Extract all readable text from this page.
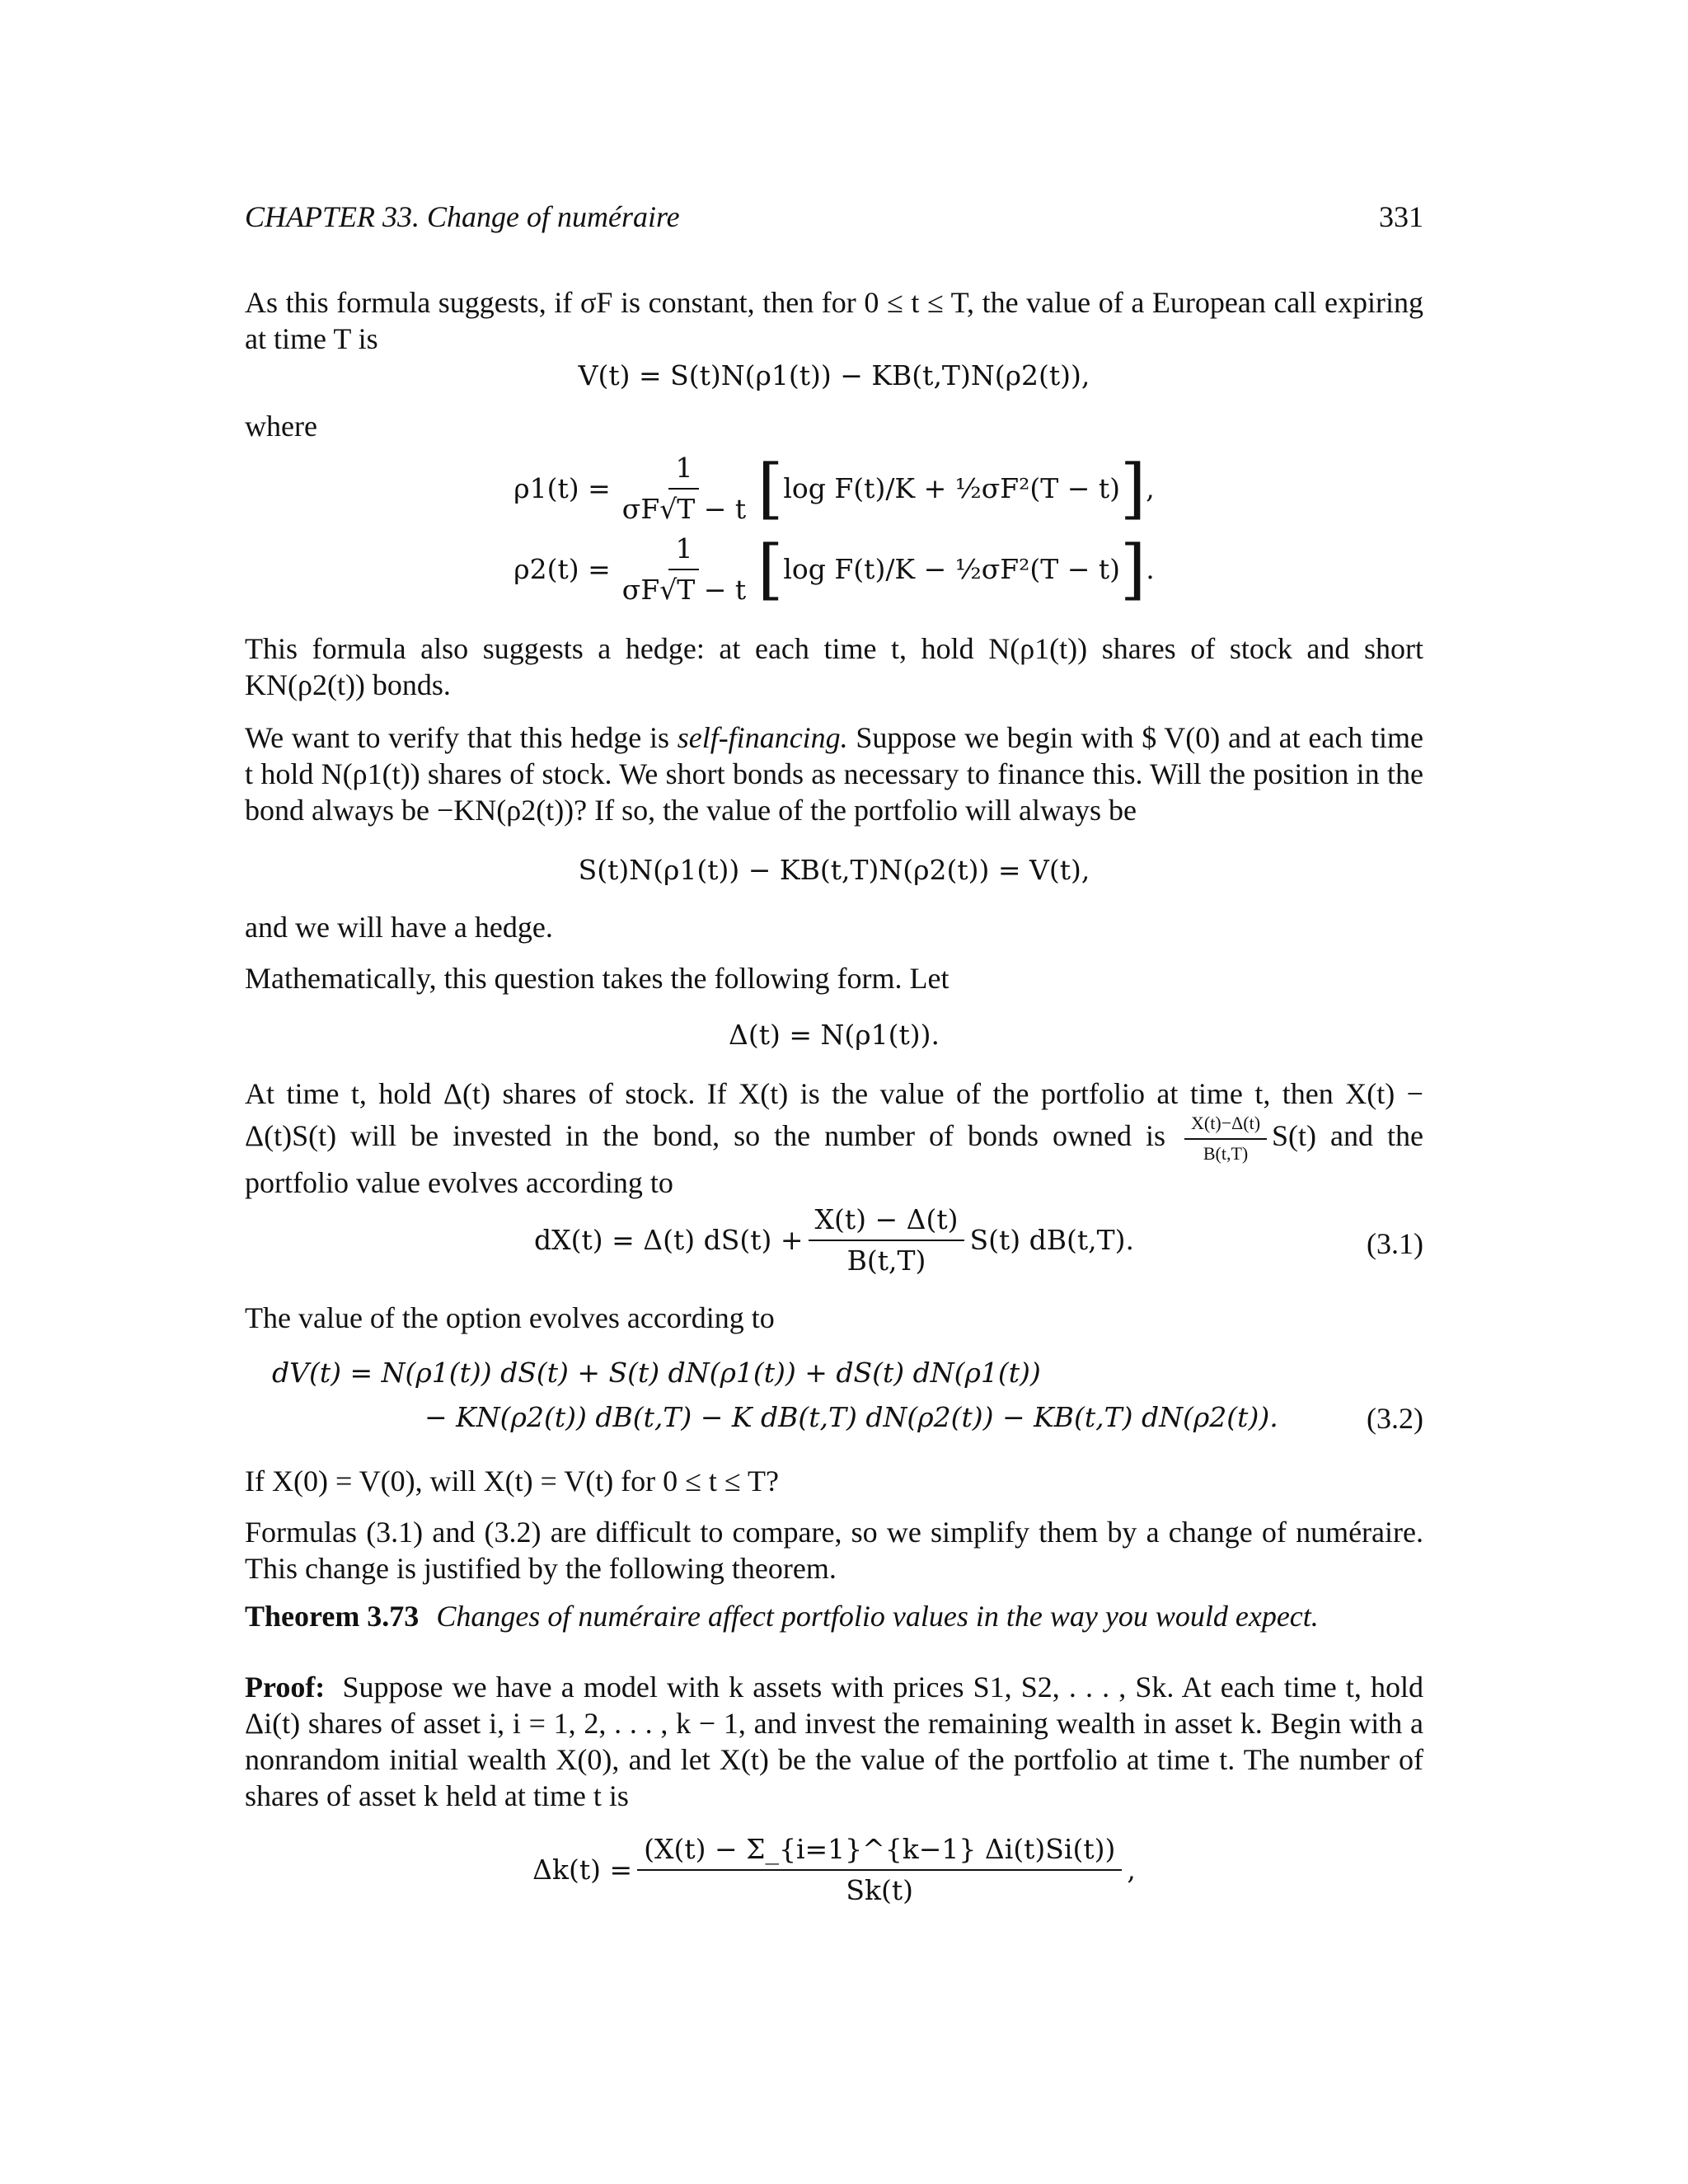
CHAPTER 33. Change of numéraire	331
As this formula suggests, if σF is constant, then for 0 ≤ t ≤ T, the value of a European call expiring at time T is
V(t) = S(t)N(ρ1(t)) − KB(t,T)N(ρ2(t)),
where
$\rho 1(t) = \frac{1}{\sigma F√T - t}$ [ log F(t)/K + ½σF²(T − t) ] ,
$\rho 2(t) = \frac{1}{\sigma F√T - t}$ [ log F(t)/K − ½σF²(T − t) ] .
This formula also suggests a hedge: at each time t, hold N(ρ1(t)) shares of stock and short KN(ρ2(t)) bonds.
We want to verify that this hedge is self-financing. Suppose we begin with $ V(0) and at each time t hold N(ρ1(t)) shares of stock. We short bonds as necessary to finance this. Will the position in the bond always be −KN(ρ2(t))? If so, the value of the portfolio will always be
S(t)N(ρ1(t)) − KB(t,T)N(ρ2(t)) = V(t),
and we will have a hedge.
Mathematically, this question takes the following form. Let
Δ(t) = N(ρ1(t)).
At time t, hold Δ(t) shares of stock. If X(t) is the value of the portfolio at time t, then X(t) − Δ(t)S(t) will be invested in the bond, so the number of bonds owned is $\frac{X(t)-\Delta(t)}{B(t,T)} S(t)$ and the portfolio value evolves according to
dX(t) = Δ(t) $dS(t) + \frac{X(t) - \Delta(t)}{B(t,T)} S(t)$ dB(t,T).	(3.1)
The value of the option evolves according to
dV(t) = N(ρ1(t)) dS(t) + S(t) dN(ρ1(t)) + dS(t) dN(ρ1(t))
− KN(ρ2(t)) dB(t,T) − K dB(t,T) dN(ρ2(t)) − KB(t,T) dN(ρ2(t)).	(3.2)
If X(0) = V(0), will X(t) = V(t) for 0 ≤ t ≤ T?
Formulas (3.1) and (3.2) are difficult to compare, so we simplify them by a change of numéraire. This change is justified by the following theorem.
Theorem 3.73 Changes of numéraire affect portfolio values in the way you would expect.
Proof: Suppose we have a model with k assets with prices S1, S2, . . . , Sk. At each time t, hold Δi(t) shares of asset i, i = 1, 2, . . . , k − 1, and invest the remaining wealth in asset k. Begin with a nonrandom initial wealth X(0), and let X(t) be the value of the portfolio at time t. The number of shares of asset k held at time t is
$\Delta k(t) = \frac{(X(t) - \Sigma\_\{i=1\}\^{}\{k-1\} \Delta i(t)Si(t))}{Sk(t)}$ ,
